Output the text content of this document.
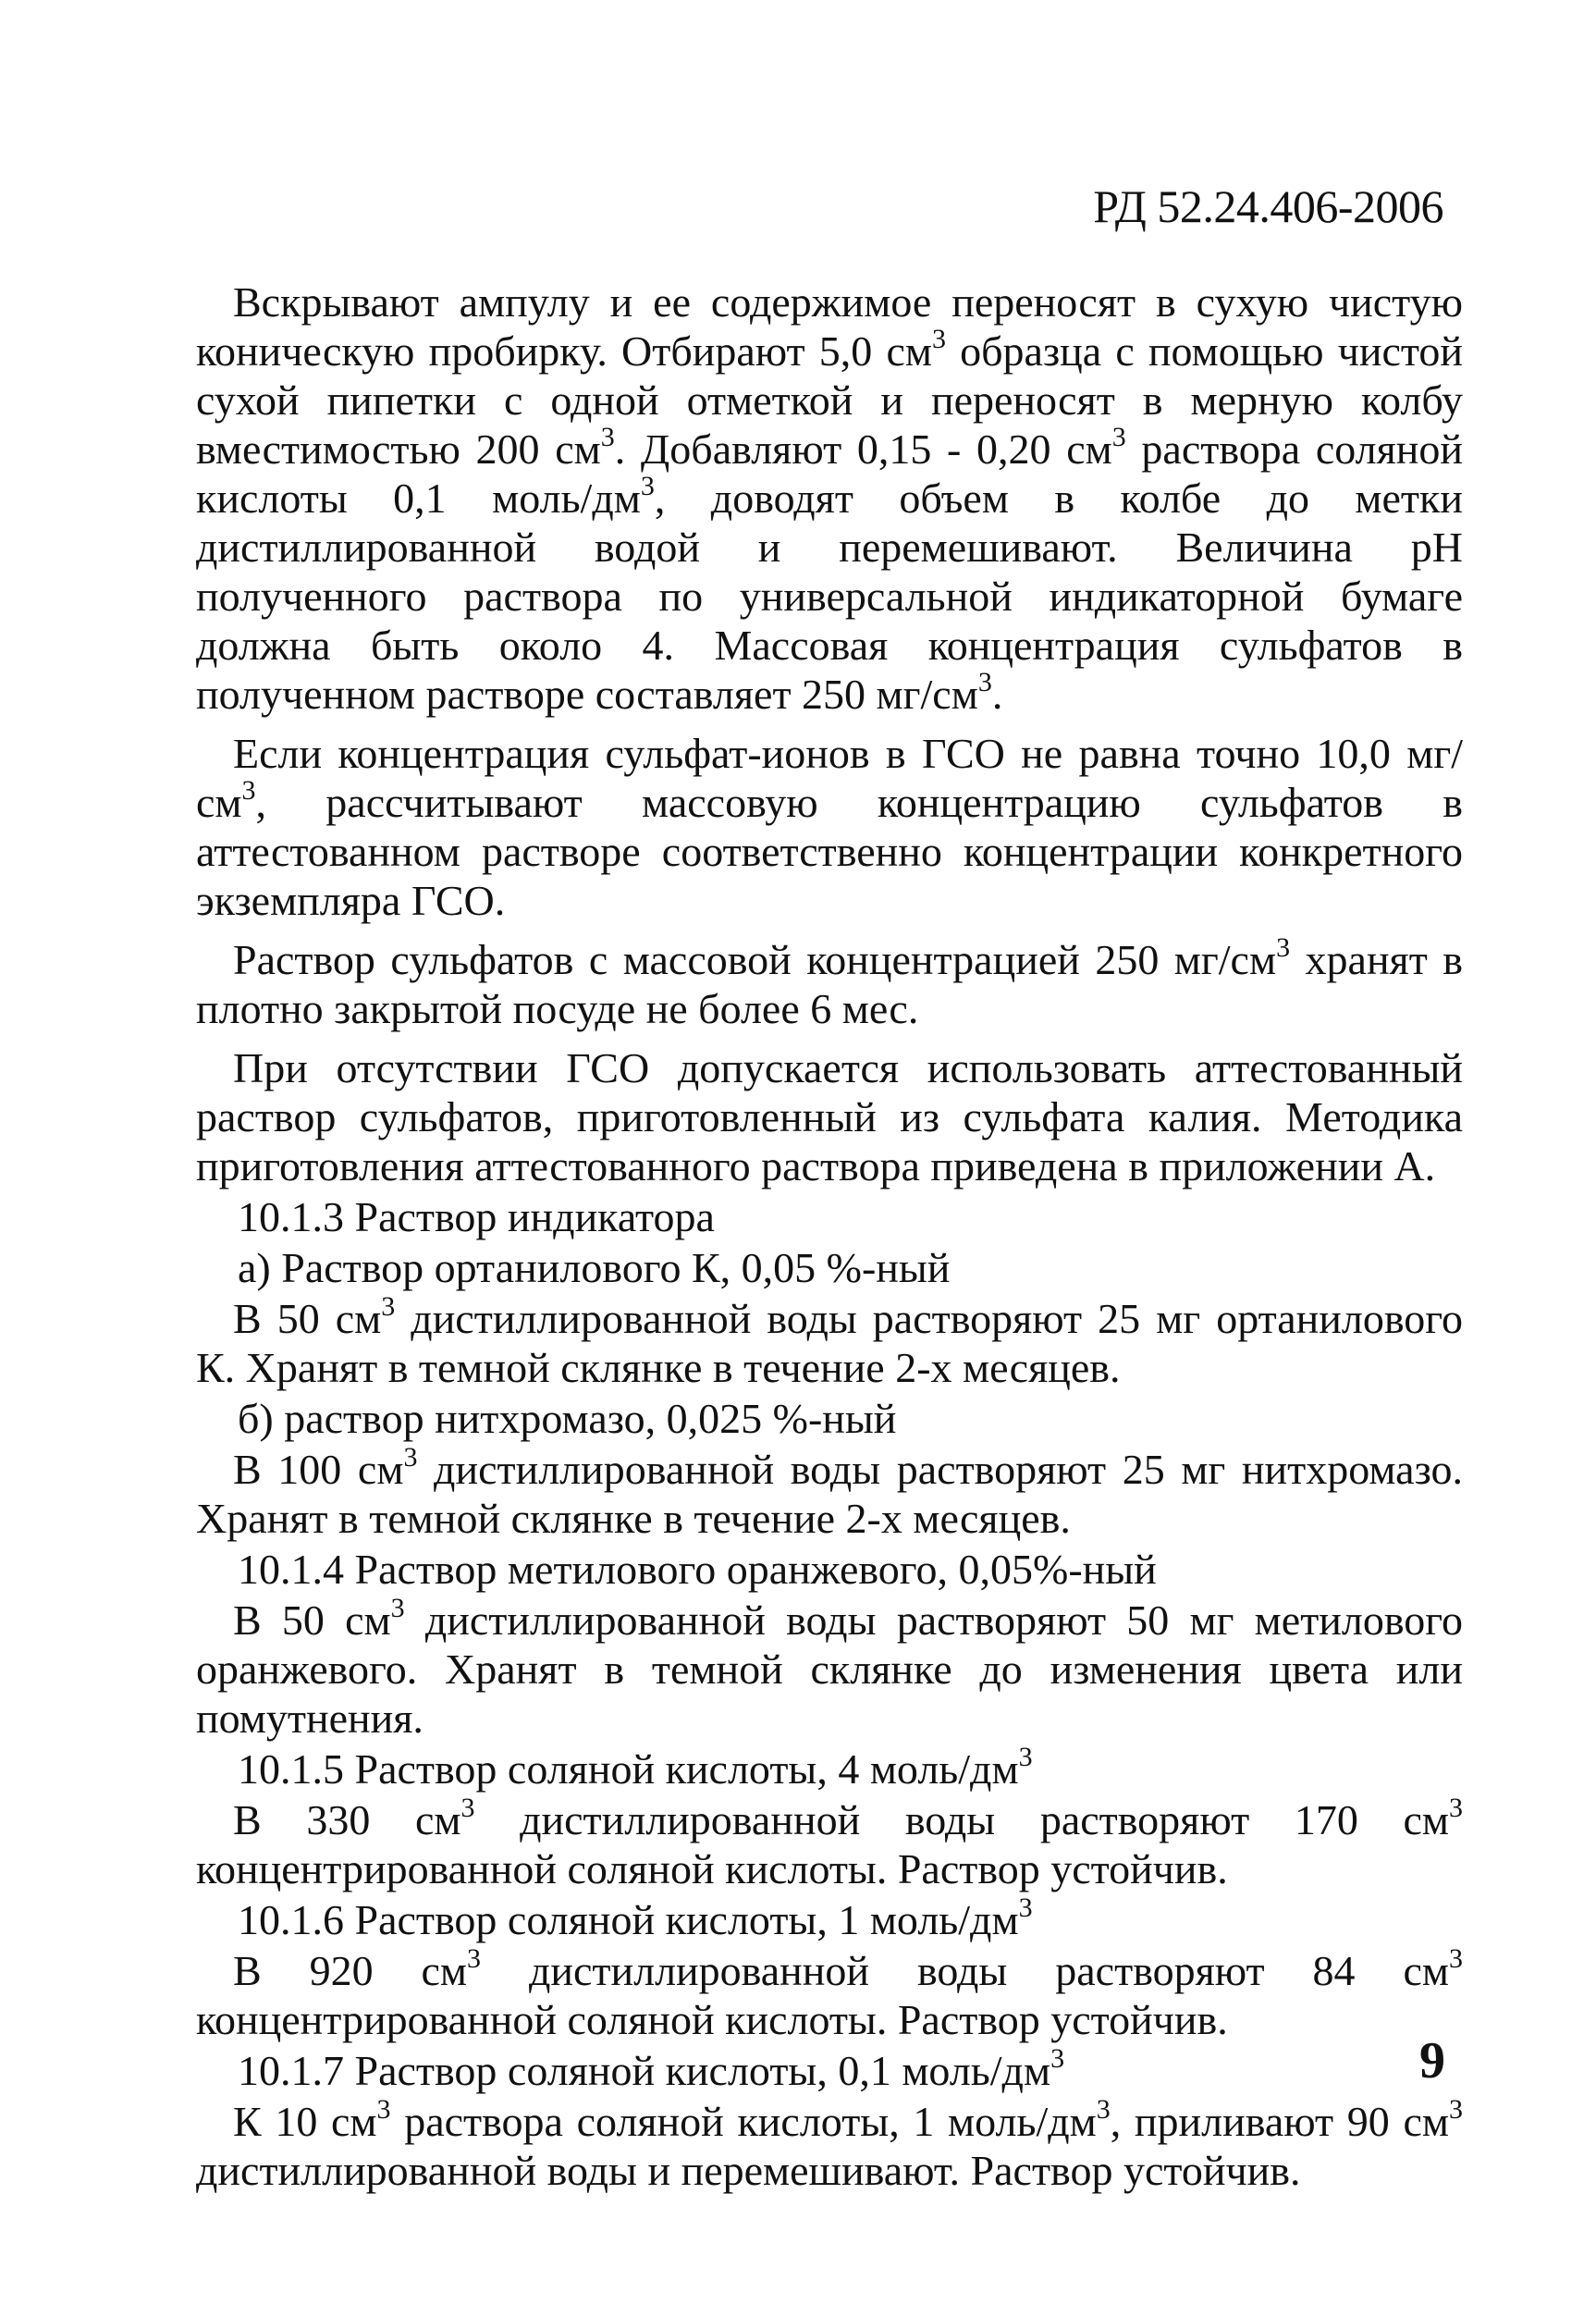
РД 52.24.406-2006

Вскрывают ампулу и ее содержимое переносят в сухую чистую коническую пробирку. Отбирают 5,0 $см^3$ образца с помощью чистой сухой пипетки с одной отметкой и переносят в мерную колбу вместимостью 200 $см^3$. Добавляют 0,15 - 0,20 $см^3$ раствора соляной кислоты 0,1 моль/$дм^3$, доводят объем в колбе до метки дистиллированной водой и перемешивают. Величина pH полученного раствора по универсальной индикаторной бумаге должна быть около 4. Массовая концентрация сульфатов в полученном растворе составляет 250 $мг/см^3$.

Если концентрация сульфат-ионов в ГСО не равна точно 10,0 $мг/см^3$, рассчитывают массовую концентрацию сульфатов в аттестованном растворе соответственно концентрации конкретного экземпляра ГСО.

Раствор сульфатов с массовой концентрацией 250 $мг/см^3$ хранят в плотно закрытой посуде не более 6 мес.

При отсутствии ГСО допускается использовать аттестованный раствор сульфатов, приготовленный из сульфата калия. Методика приготовления аттестованного раствора приведена в приложении А.

10.1.3 Раствор индикатора

а) Раствор ортанилового К, 0,05 %-ный

В 50 $см^3$ дистиллированной воды растворяют 25 мг ортанилового К. Хранят в темной склянке в течение 2-х месяцев.

б) раствор нитхромазо, 0,025 %-ный

В 100 $см^3$ дистиллированной воды растворяют 25 мг нитхромазо. Хранят в темной склянке в течение 2-х месяцев.

10.1.4 Раствор метилового оранжевого, 0,05%-ный

В 50 $см^3$ дистиллированной воды растворяют 50 мг метилового оранжевого. Хранят в темной склянке до изменения цвета или помутнения.

10.1.5 Раствор соляной кислоты, 4 моль/$дм^3$

В 330 $см^3$ дистиллированной воды растворяют 170 $см^3$ концентрированной соляной кислоты. Раствор устойчив.

10.1.6 Раствор соляной кислоты, 1 моль/$дм^3$

В 920 $см^3$ дистиллированной воды растворяют 84 $см^3$ концентрированной соляной кислоты. Раствор устойчив.

10.1.7 Раствор соляной кислоты, 0,1 моль/$дм^3$

К 10 $см^3$ раствора соляной кислоты, 1 моль/$дм^3$, приливают 90 $см^3$ дистиллированной воды и перемешивают. Раствор устойчив.

9
